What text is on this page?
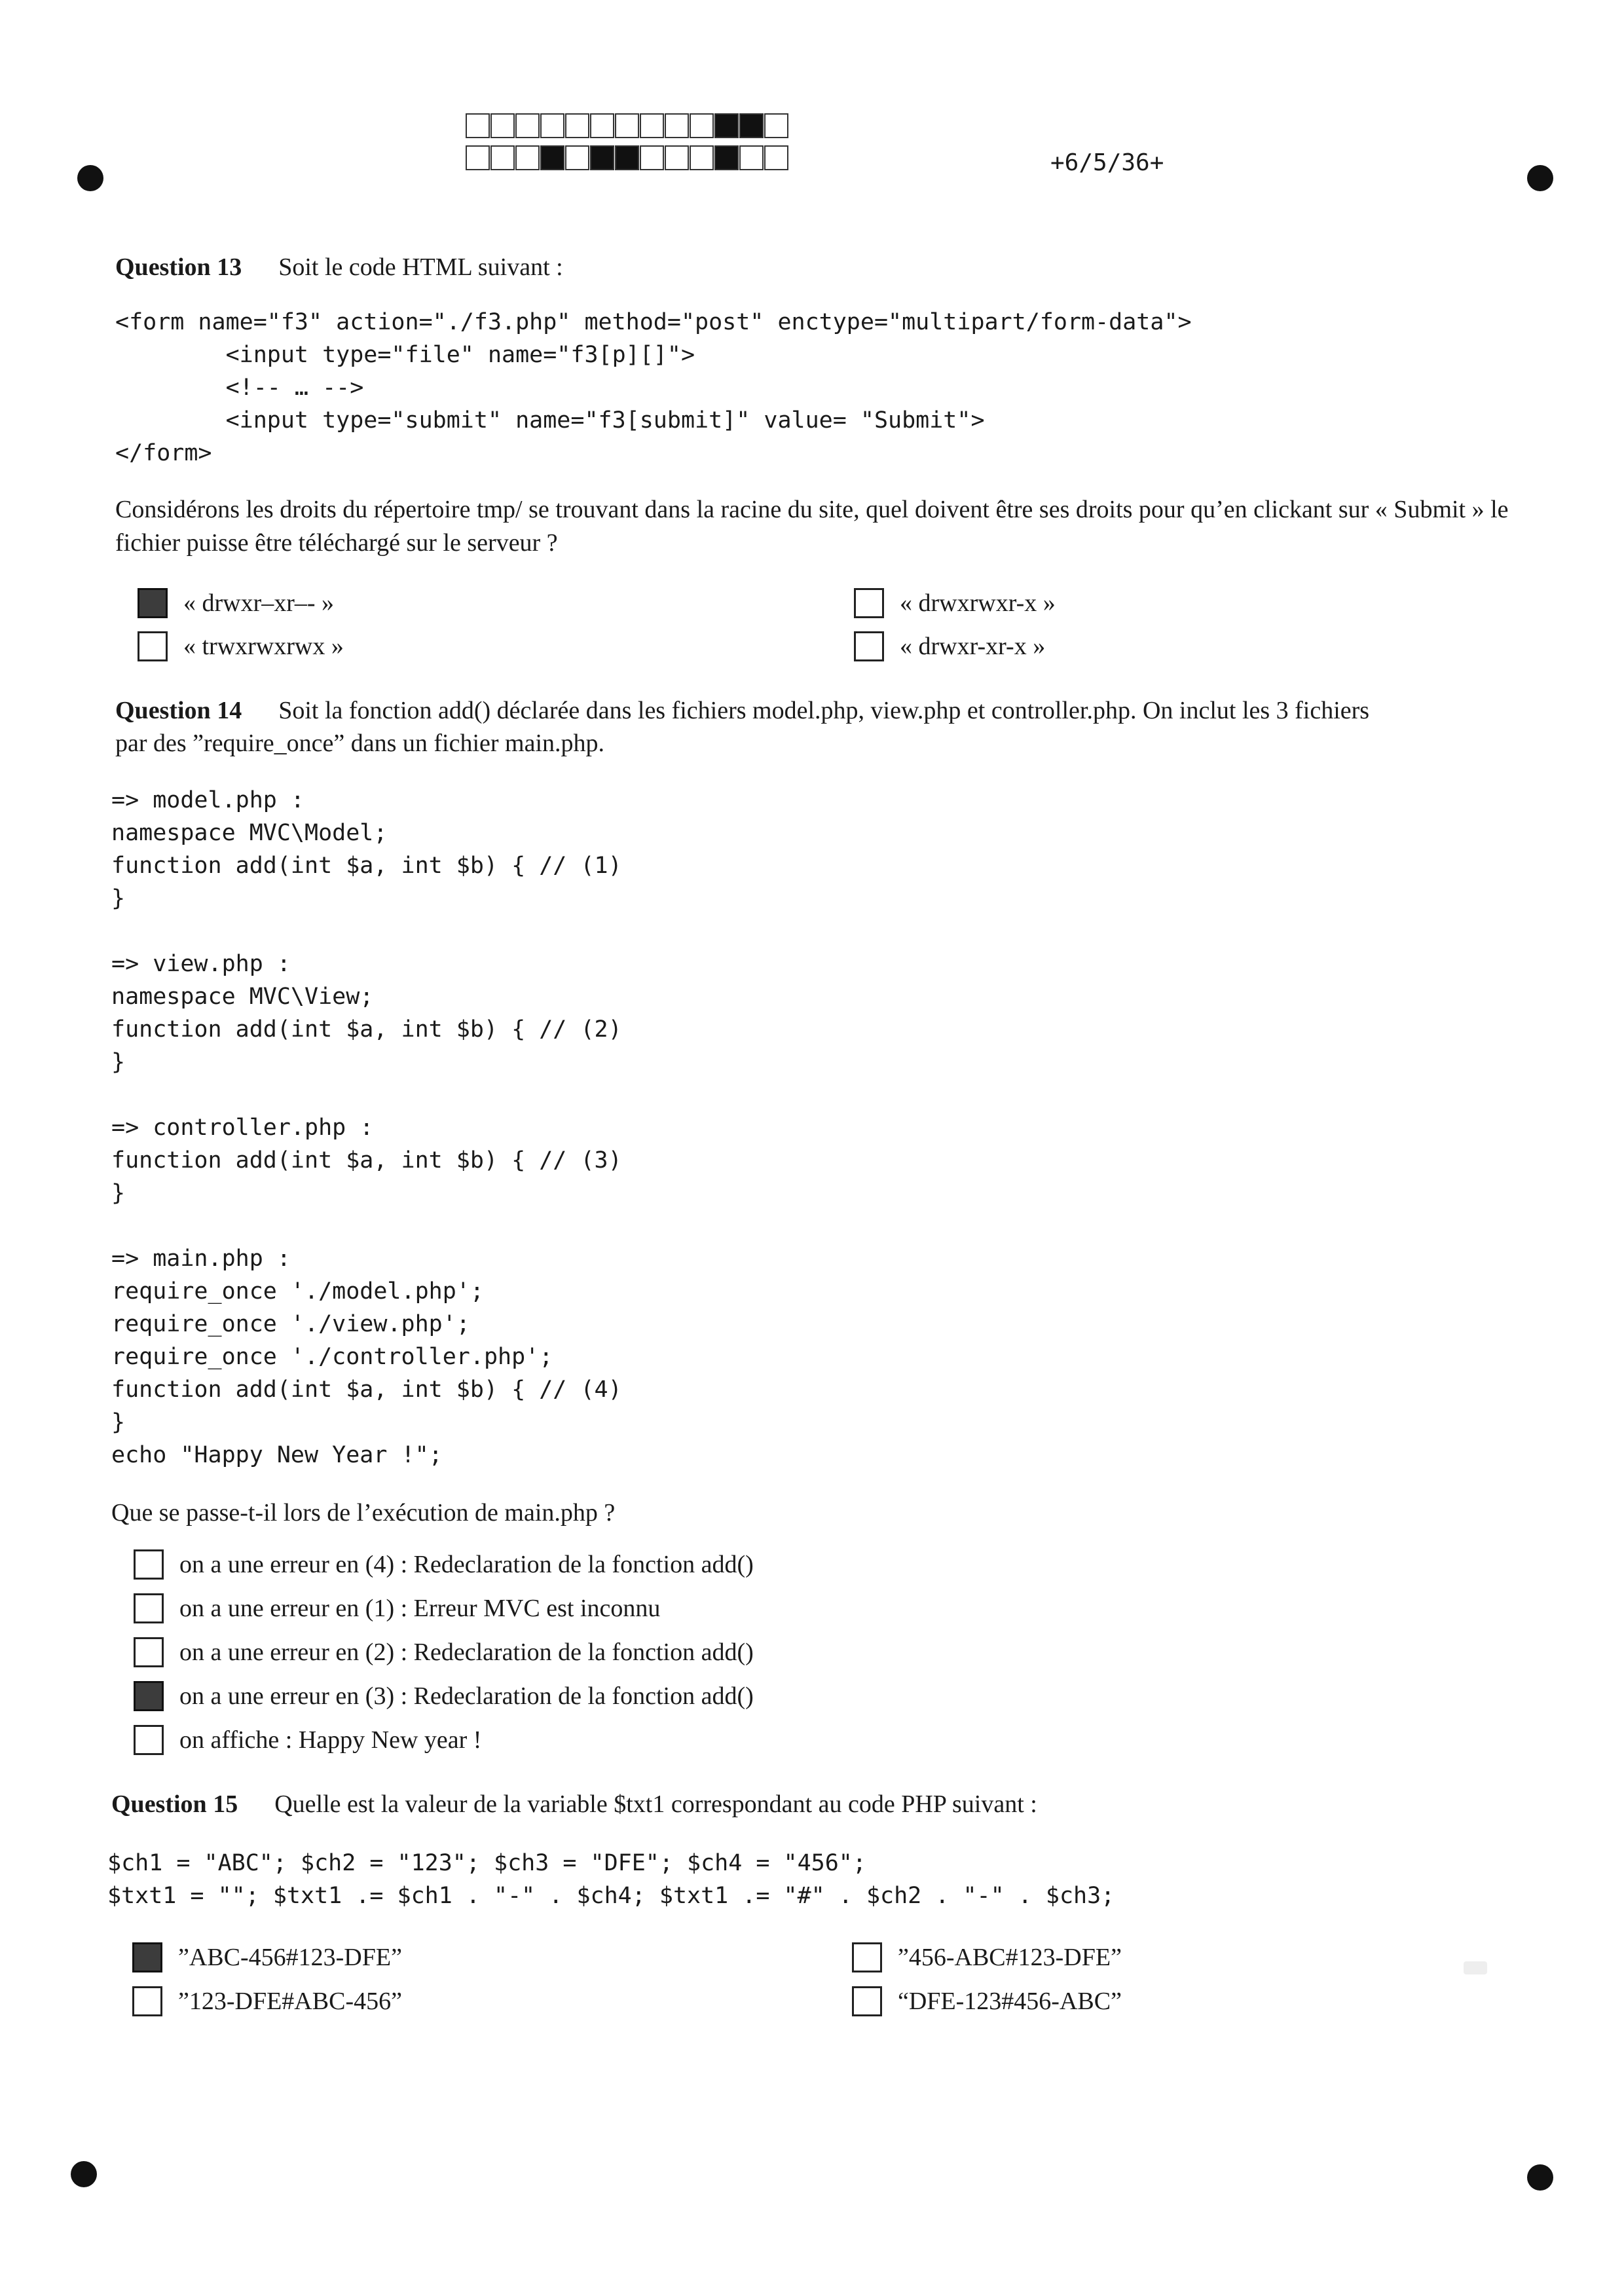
+6/5/36+
Question 13 Soit le code HTML suivant :
<form name="f3" action="./f3.php" method="post" enctype="multipart/form-data">
<input type="file" name="f3[p][]">
<!-- … -->
<input type="submit" name="f3[submit]" value= "Submit">
</form>
Considérons les droits du répertoire tmp/ se trouvant dans la racine du site, quel doivent être ses droits pour qu’en clickant sur « Submit » le fichier puisse être téléchargé sur le serveur ?
« drwxr–xr–- »	« drwxrwxr-x »
« trwxrwxrwx »	« drwxr-xr-x »
Question 14 Soit la fonction add() déclarée dans les fichiers model.php, view.php et controller.php. On inclut les 3 fichiers
par des ”require_once” dans un fichier main.php.
=> model.php :
namespace MVC\Model;
function add(int $a, int $b) { // (1)
}
=> view.php :
namespace MVC\View;
function add(int $a, int $b) { // (2)
}
=> controller.php :
function add(int $a, int $b) { // (3)
}
=> main.php :
require_once './model.php';
require_once './view.php';
require_once './controller.php';
function add(int $a, int $b) { // (4)
}
echo "Happy New Year !";
Que se passe-t-il lors de l’exécution de main.php ?
on a une erreur en (4) : Redeclaration de la fonction add()
on a une erreur en (1) : Erreur MVC est inconnu
on a une erreur en (2) : Redeclaration de la fonction add()
on a une erreur en (3) : Redeclaration de la fonction add()
on affiche : Happy New year !
Question 15 Quelle est la valeur de la variable $txt1 correspondant au code PHP suivant :
$ch1 = "ABC"; $ch2 = "123"; $ch3 = "DFE"; $ch4 = "456";
$txt1 = ""; $txt1 .= $ch1 . "-" . $ch4; $txt1 .= "#" . $ch2 . "-" . $ch3;
”ABC-456#123-DFE”	”456-ABC#123-DFE”
”123-DFE#ABC-456”	“DFE-123#456-ABC”
